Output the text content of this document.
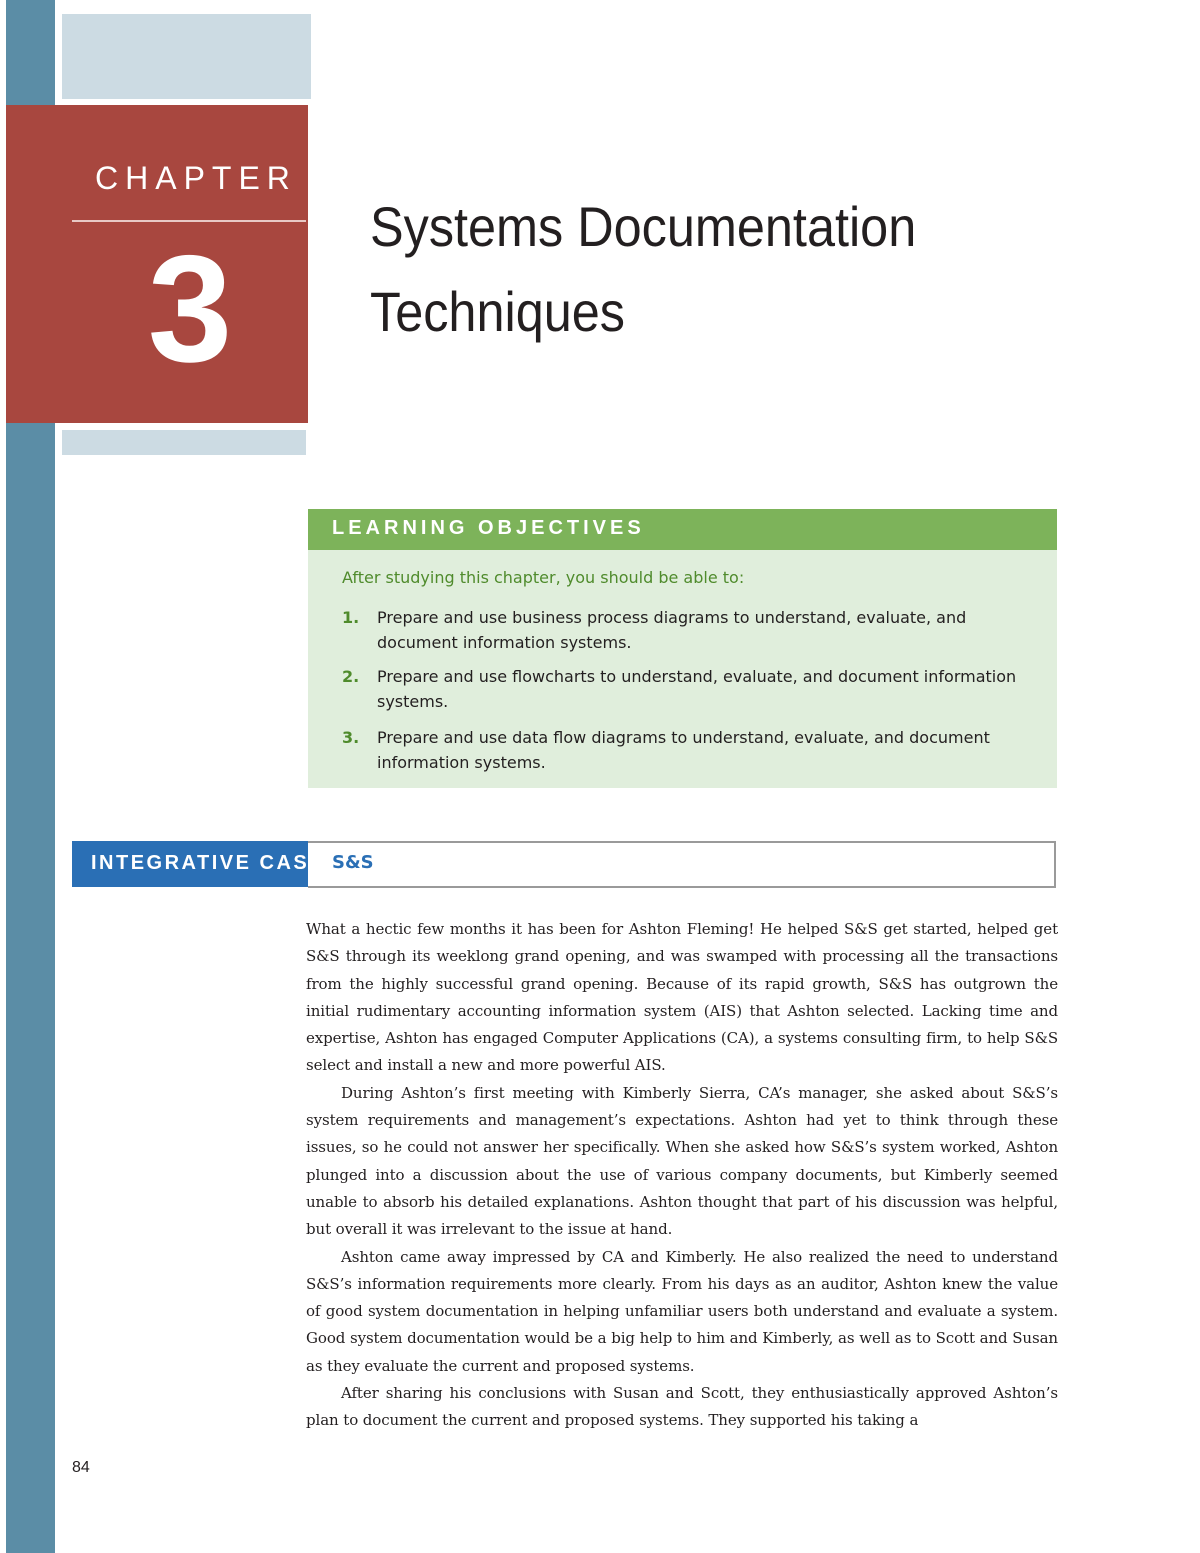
CHAPTER
3	Systems Documentation
Techniques
LEARNING OBJECTIVES
After studying this chapter, you should be able to:
1. Prepare and use business process diagrams to understand, evaluate, and document information systems.
2. Prepare and use flowcharts to understand, evaluate, and document information systems.
3. Prepare and use data flow diagrams to understand, evaluate, and document information systems.
INTEGRATIVE CASE S&S

What a hectic few months it has been for Ashton Fleming! He helped S&S get started, helped get S&S through its weeklong grand opening, and was swamped with processing all the transactions from the highly successful grand opening. Because of its rapid growth, S&S has outgrown the initial rudimentary accounting information system (AIS) that Ashton selected. Lacking time and expertise, Ashton has engaged Computer Applications (CA), a systems consulting firm, to help S&S select and install a new and more powerful AIS.

During Ashton’s first meeting with Kimberly Sierra, CA’s manager, she asked about S&S’s system requirements and management’s expectations. Ashton had yet to think through these issues, so he could not answer her specifically. When she asked how S&S’s system worked, Ashton plunged into a discussion about the use of various company documents, but Kimberly seemed unable to absorb his detailed explanations. Ashton thought that part of his discussion was helpful, but overall it was irrelevant to the issue at hand.

Ashton came away impressed by CA and Kimberly. He also realized the need to understand S&S’s information requirements more clearly. From his days as an auditor, Ashton knew the value of good system documentation in helping unfamiliar users both understand and evaluate a system. Good system documentation would be a big help to him and Kimberly, as well as to Scott and Susan as they evaluate the current and proposed systems.

After sharing his conclusions with Susan and Scott, they enthusiastically approved Ashton’s plan to document the current and proposed systems. They supported his taking a

84
